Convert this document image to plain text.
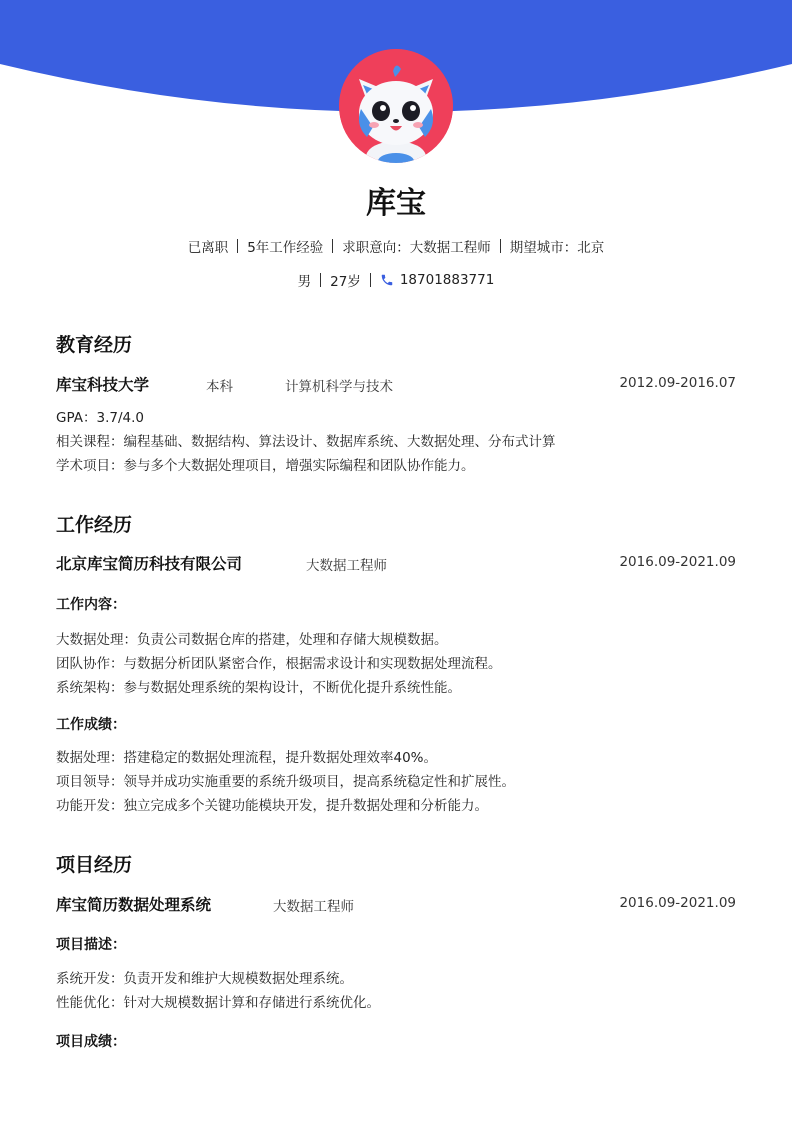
库宝
已离职 5年工作经验 求职意向：大数据工程师 期望城市：北京
男 27岁	18701883771
教育经历
库宝科技大学	本科	计算机科学与技术	2012.09-2016.07
GPA：3.7/4.0
相关课程：编程基础、数据结构、算法设计、数据库系统、大数据处理、分布式计算
学术项目：参与多个大数据处理项目，增强实际编程和团队协作能力。
工作经历
北京库宝简历科技有限公司	大数据工程师	2016.09-2021.09
工作内容：
大数据处理：负责公司数据仓库的搭建，处理和存储大规模数据。
团队协作：与数据分析团队紧密合作，根据需求设计和实现数据处理流程。
系统架构：参与数据处理系统的架构设计，不断优化提升系统性能。
工作成绩：
数据处理：搭建稳定的数据处理流程，提升数据处理效率40%。
项目领导：领导并成功实施重要的系统升级项目，提高系统稳定性和扩展性。
功能开发：独立完成多个关键功能模块开发，提升数据处理和分析能力。
项目经历
库宝简历数据处理系统	大数据工程师	2016.09-2021.09
项目描述：
系统开发：负责开发和维护大规模数据处理系统。
性能优化：针对大规模数据计算和存储进行系统优化。
项目成绩：
